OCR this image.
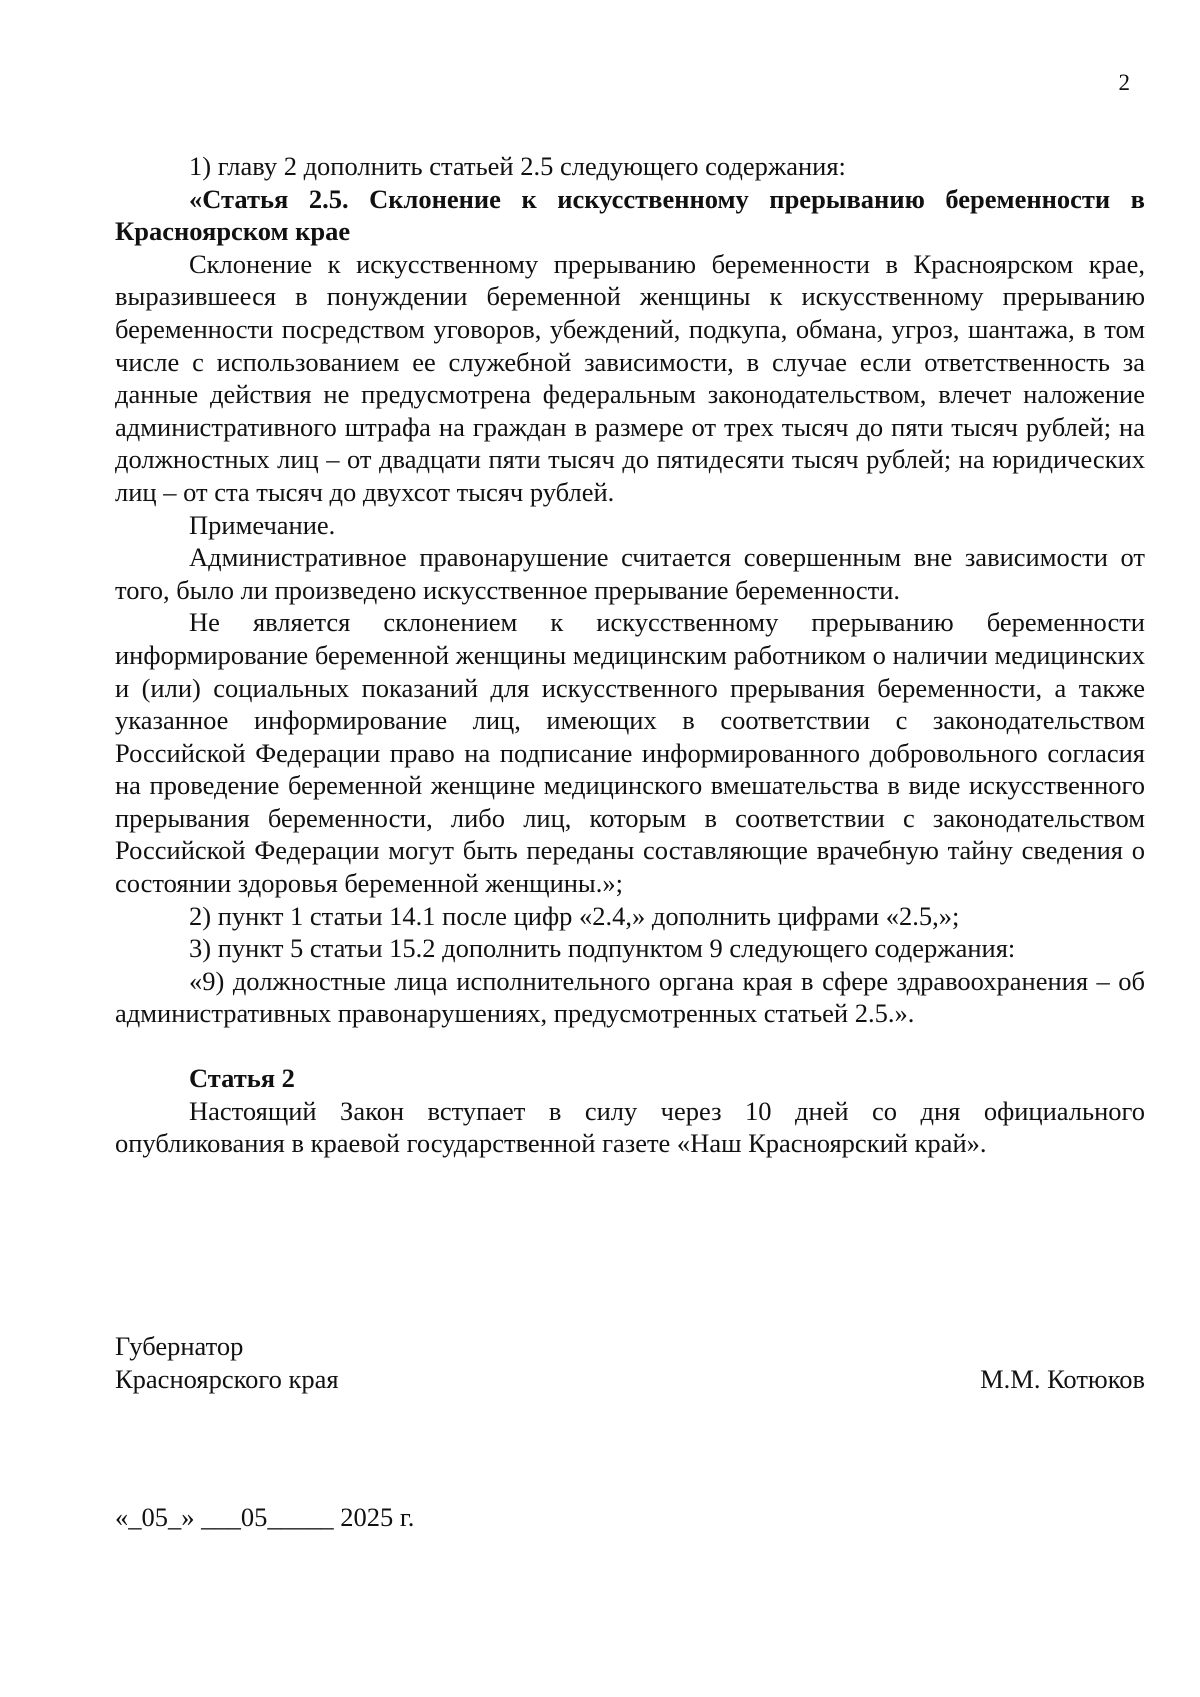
2

1) главу 2 дополнить статьей 2.5 следующего содержания:

«Статья 2.5. Склонение к искусственному прерыванию беременности в Красноярском крае

Склонение к искусственному прерыванию беременности в Красноярском крае, выразившееся в понуждении беременной женщины к искусственному прерыванию беременности посредством уговоров, убеждений, подкупа, обмана, угроз, шантажа, в том числе с использованием ее служебной зависимости, в случае если ответственность за данные действия не предусмотрена федеральным законодательством, влечет наложение административного штрафа на граждан в размере от трех тысяч до пяти тысяч рублей; на должностных лиц – от двадцати пяти тысяч до пятидесяти тысяч рублей; на юридических лиц – от ста тысяч до двухсот тысяч рублей.

Примечание.

Административное правонарушение считается совершенным вне зависимости от того, было ли произведено искусственное прерывание беременности.

Не является склонением к искусственному прерыванию беременности информирование беременной женщины медицинским работником о наличии медицинских и (или) социальных показаний для искусственного прерывания беременности, а также указанное информирование лиц, имеющих в соответствии с законодательством Российской Федерации право на подписание информированного добровольного согласия на проведение беременной женщине медицинского вмешательства в виде искусственного прерывания беременности, либо лиц, которым в соответствии с законодательством Российской Федерации могут быть переданы составляющие врачебную тайну сведения о состоянии здоровья беременной женщины.»;

2) пункт 1 статьи 14.1 после цифр «2.4,» дополнить цифрами «2.5,»;

3) пункт 5 статьи 15.2 дополнить подпунктом 9 следующего содержания:

«9) должностные лица исполнительного органа края в сфере здравоохранения – об административных правонарушениях, предусмотренных статьей 2.5.».

Статья 2

Настоящий Закон вступает в силу через 10 дней со дня официального опубликования в краевой государственной газете «Наш Красноярский край».

Губернатор
Красноярского края	М.М. Котюков
«_05_» ___05_____ 2025 г.
